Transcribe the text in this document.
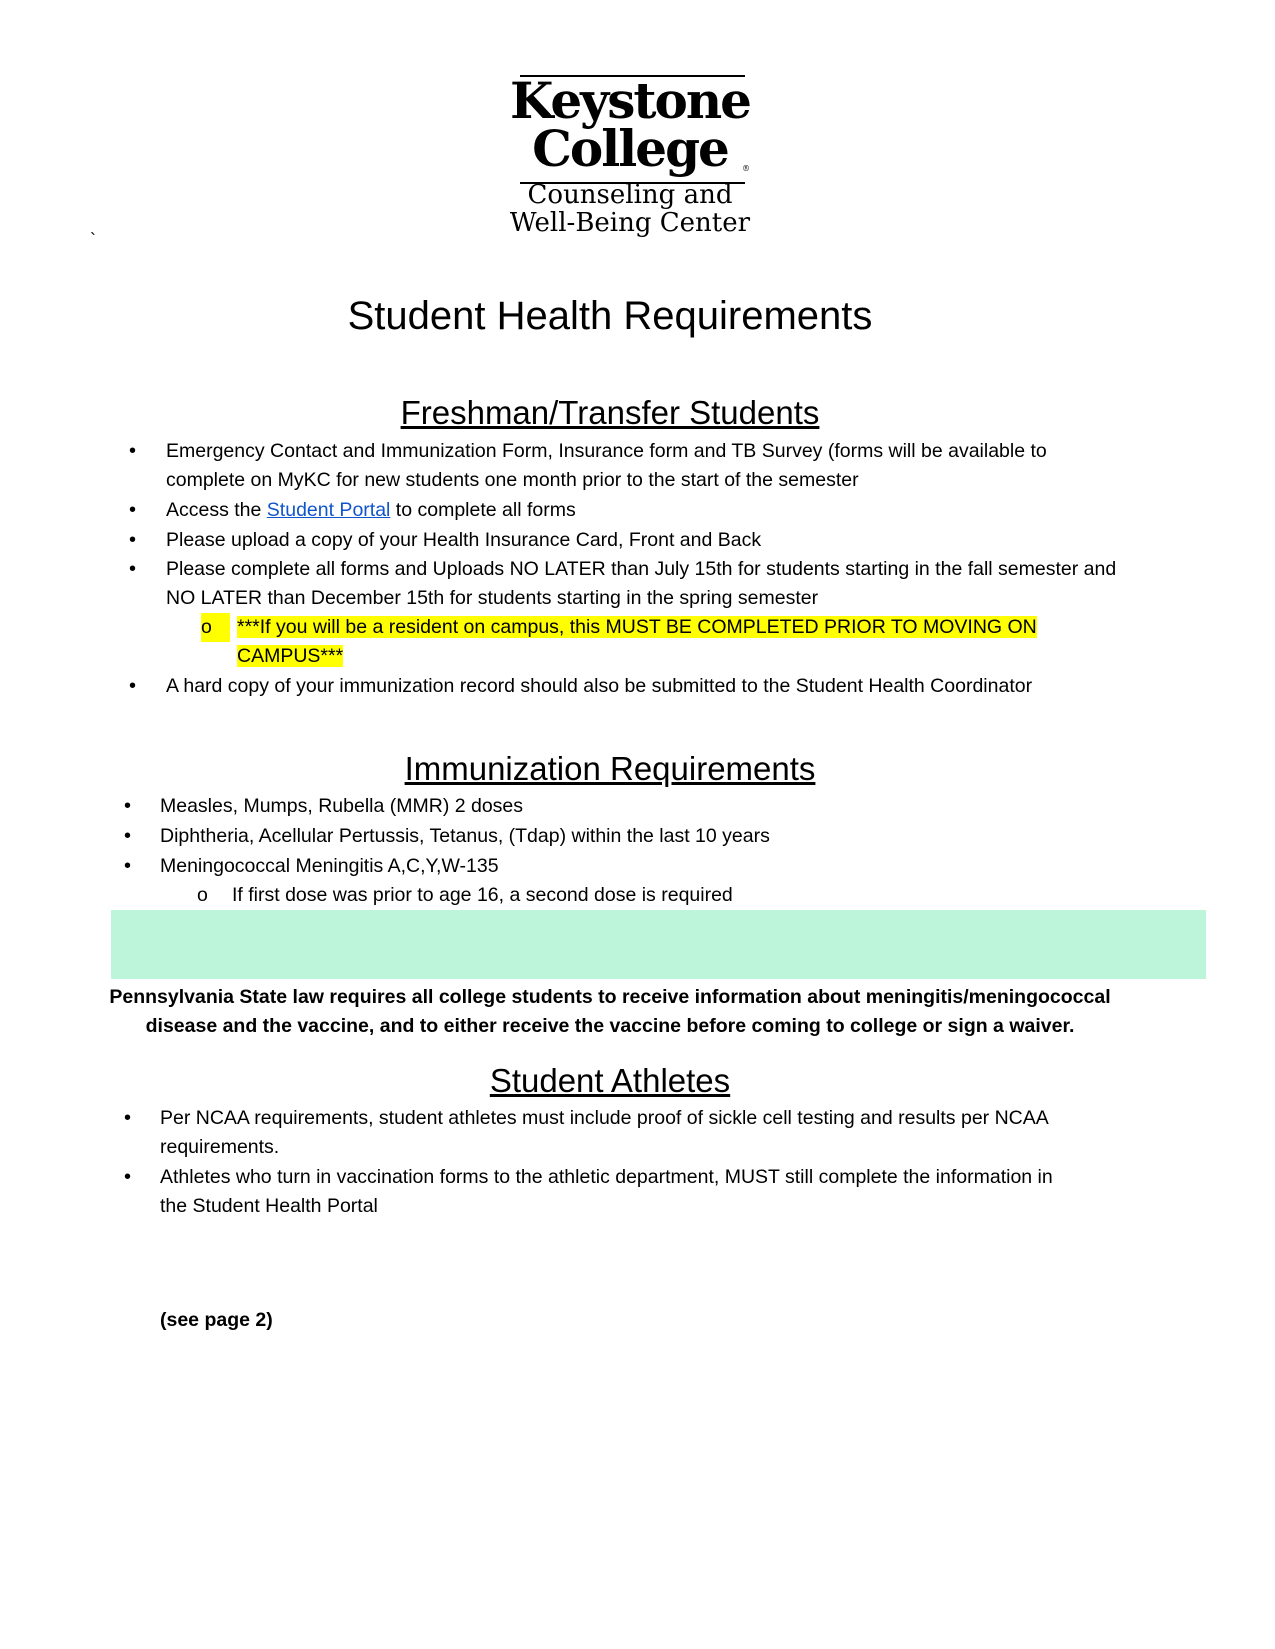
Keystone
College	®
Counseling and
Well-Being Center
`
Student Health Requirements
Freshman/Transfer Students
• Emergency Contact and Immunization Form, Insurance form and TB Survey (forms will be available to
complete on MyKC for new students one month prior to the start of the semester
• Access the Student Portal to complete all forms
• Please upload a copy of your Health Insurance Card, Front and Back
• Please complete all forms and Uploads NO LATER than July 15th for students starting in the fall semester and
NO LATER than December 15th for students starting in the spring semester
o	***If you will be a resident on campus, this MUST BE COMPLETED PRIOR TO MOVING ON
CAMPUS***
• A hard copy of your immunization record should also be submitted to the Student Health Coordinator
Immunization Requirements
• Measles, Mumps, Rubella (MMR) 2 doses
• Diphtheria, Acellular Pertussis, Tetanus, (Tdap) within the last 10 years
• Meningococcal Meningitis A,C,Y,W-135
o If first dose was prior to age 16, a second dose is required
Pennsylvania State law requires all college students to receive information about meningitis/meningococcal
disease and the vaccine, and to either receive the vaccine before coming to college or sign a waiver.
Student Athletes
• Per NCAA requirements, student athletes must include proof of sickle cell testing and results per NCAA
requirements.
• Athletes who turn in vaccination forms to the athletic department, MUST still complete the information in
the Student Health Portal
(see page 2)
